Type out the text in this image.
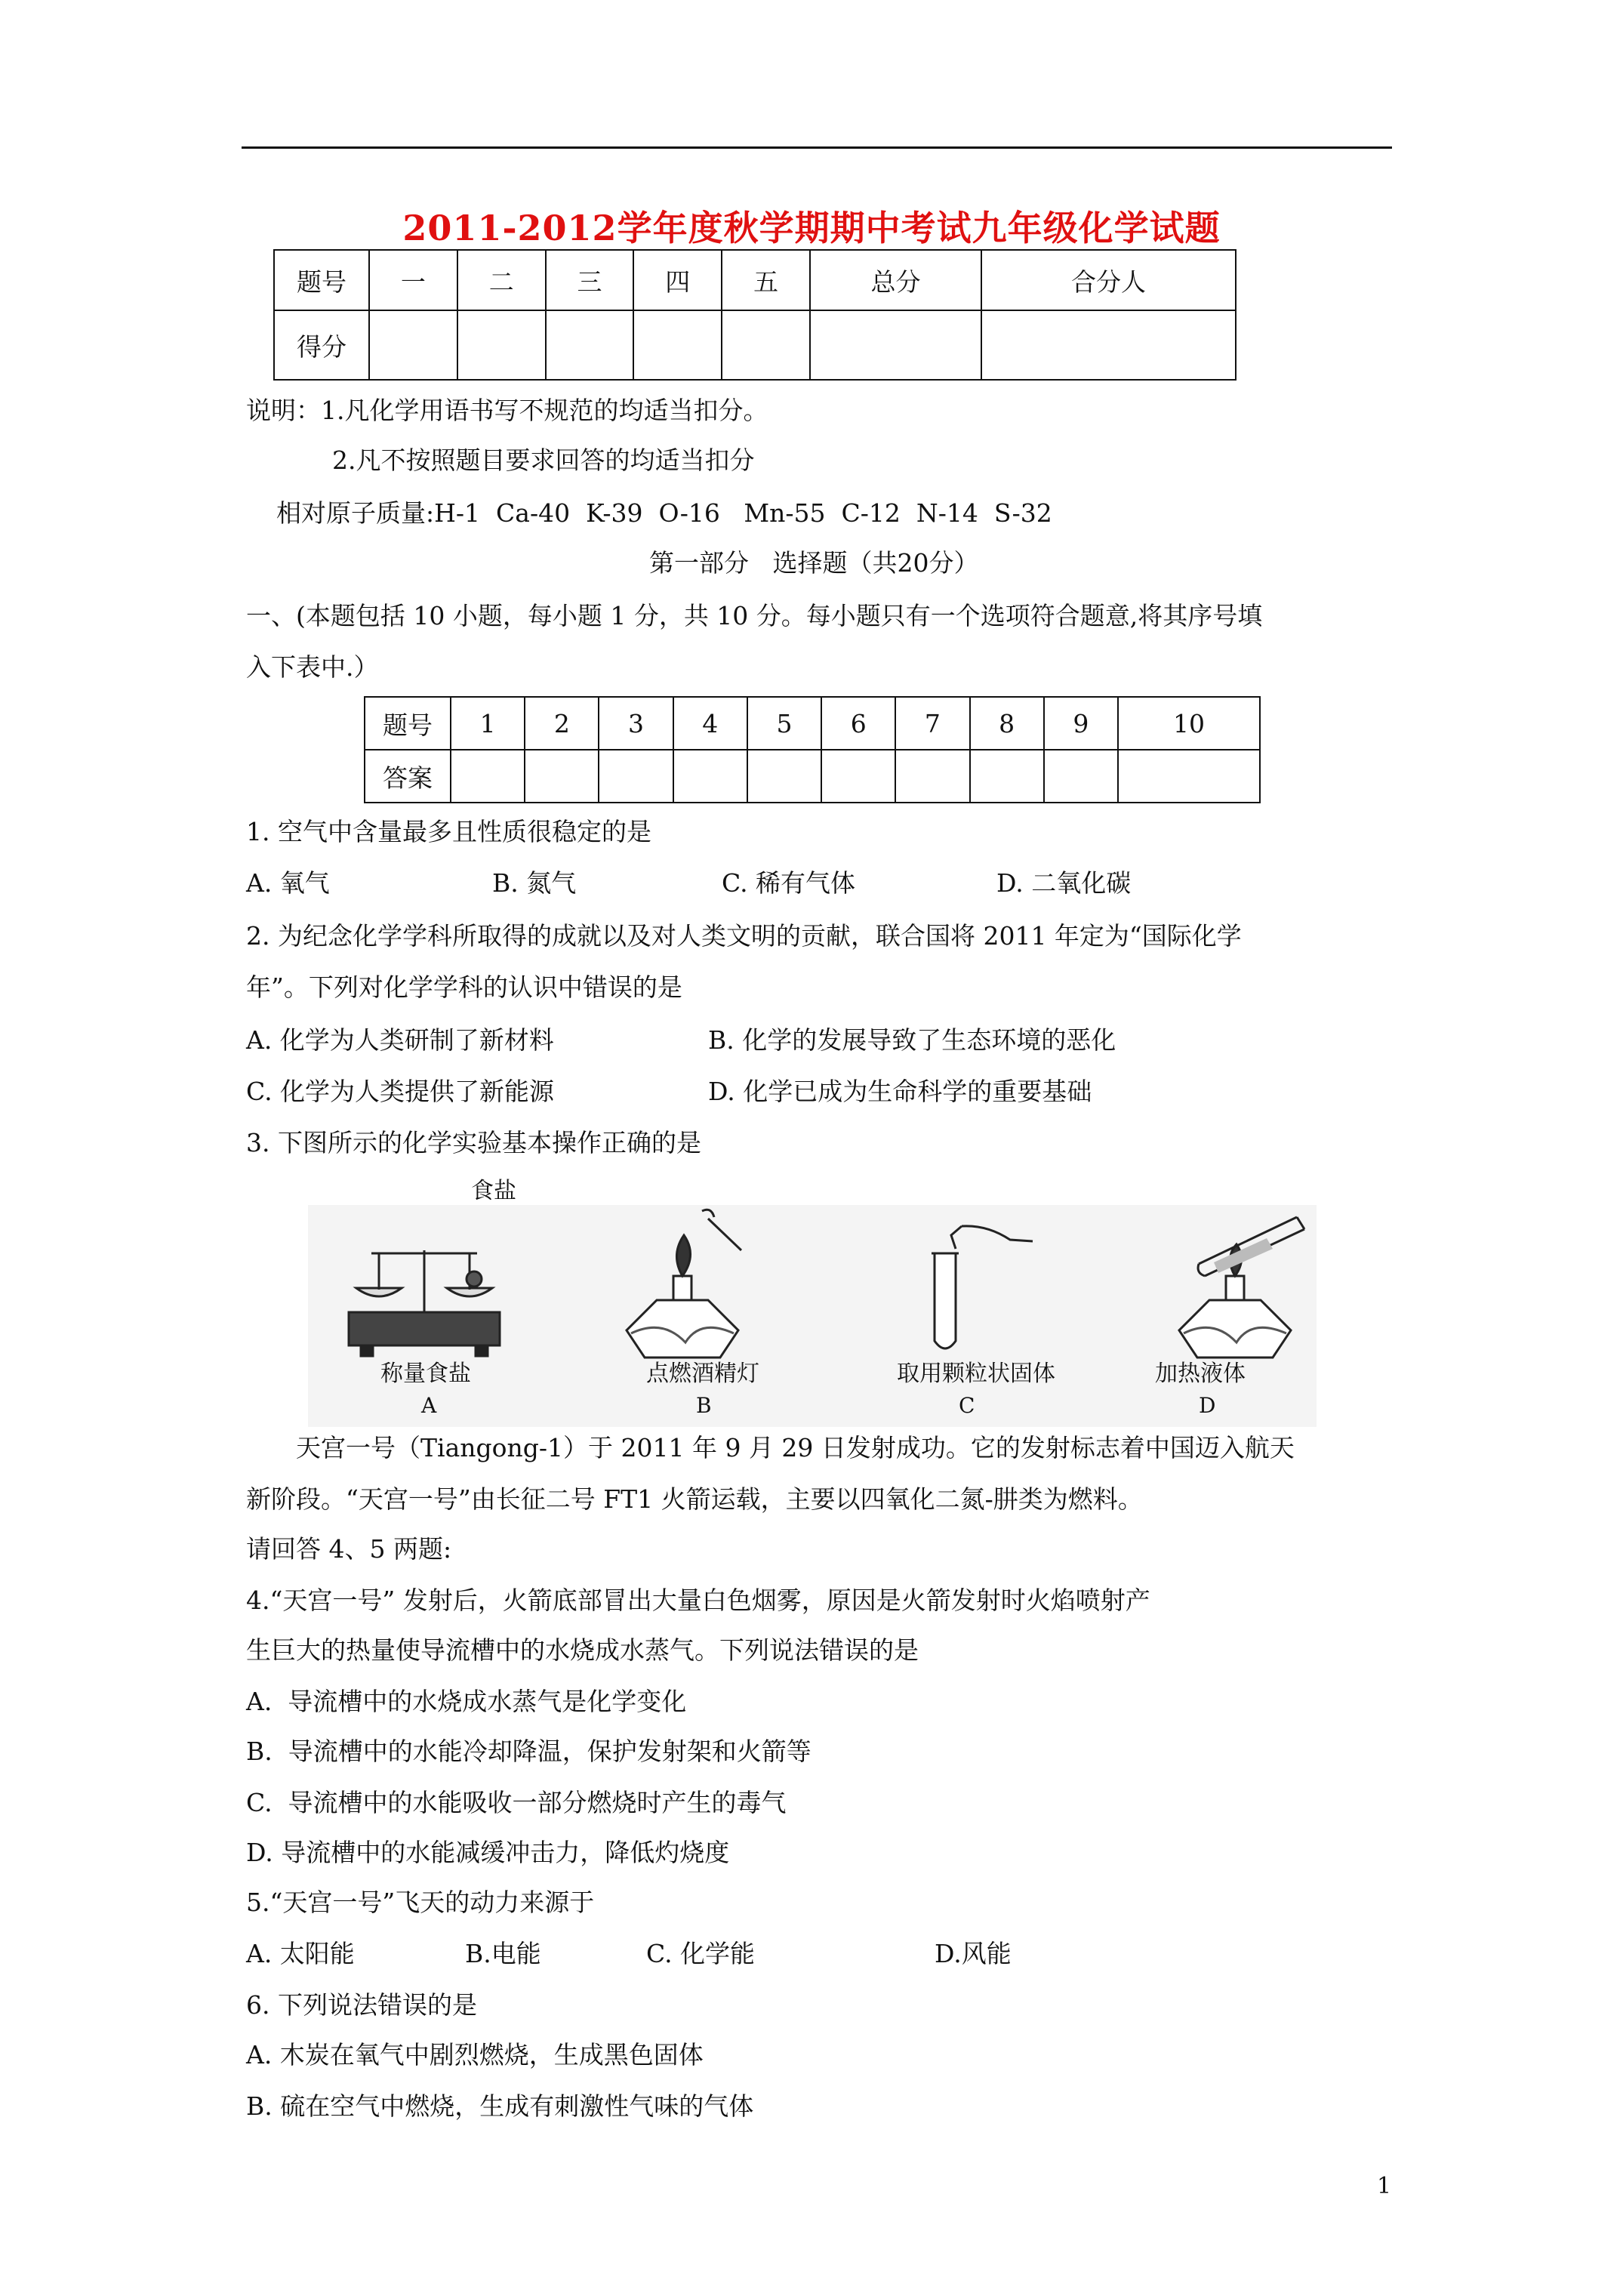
2011-2012学年度秋学期期中考试九年级化学试题
题号	一	二	三	四	五	总分	合分人
得分							
说明：1.凡化学用语书写不规范的均适当扣分。
2.凡不按照题目要求回答的均适当扣分
相对原子质量:H-1  Ca-40  K-39  O-16   Mn-55  C-12  N-14  S-32
第一部分   选择题（共20分）
一、(本题包括 10 小题，每小题 1 分，共 10 分。每小题只有一个选项符合题意,将其序号填
入下表中.）
题号	1	2	3	4	5	6	7	8	9	10
答案										
1. 空气中含量最多且性质很稳定的是
A. 氧气	B. 氮气	C. 稀有气体	D. 二氧化碳
2. 为纪念化学学科所取得的成就以及对人类文明的贡献，联合国将 2011 年定为“国际化学
年”。下列对化学学科的认识中错误的是
A. 化学为人类研制了新材料	B. 化学的发展导致了生态环境的恶化
C. 化学为人类提供了新能源	D. 化学已成为生命科学的重要基础
3. 下图所示的化学实验基本操作正确的是
食盐
称量食盐
A
点燃酒精灯
B
取用颗粒状固体
C
加热液体
D
天宫一号（Tiangong-1）于 2011 年 9 月 29 日发射成功。它的发射标志着中国迈入航天
新阶段。“天宫一号”由长征二号 FT1 火箭运载，主要以四氧化二氮-肼类为燃料。
请回答 4、5 两题:
4.“天宫一号” 发射后，火箭底部冒出大量白色烟雾，原因是火箭发射时火焰喷射产
生巨大的热量使导流槽中的水烧成水蒸气。下列说法错误的是
A.  导流槽中的水烧成水蒸气是化学变化
B.  导流槽中的水能冷却降温，保护发射架和火箭等
C.  导流槽中的水能吸收一部分燃烧时产生的毒气
D. 导流槽中的水能减缓冲击力，降低灼烧度
5.“天宫一号”飞天的动力来源于
A. 太阳能	B.电能	C. 化学能	D.风能
6. 下列说法错误的是
A. 木炭在氧气中剧烈燃烧，生成黑色固体
B. 硫在空气中燃烧，生成有刺激性气味的气体
1
